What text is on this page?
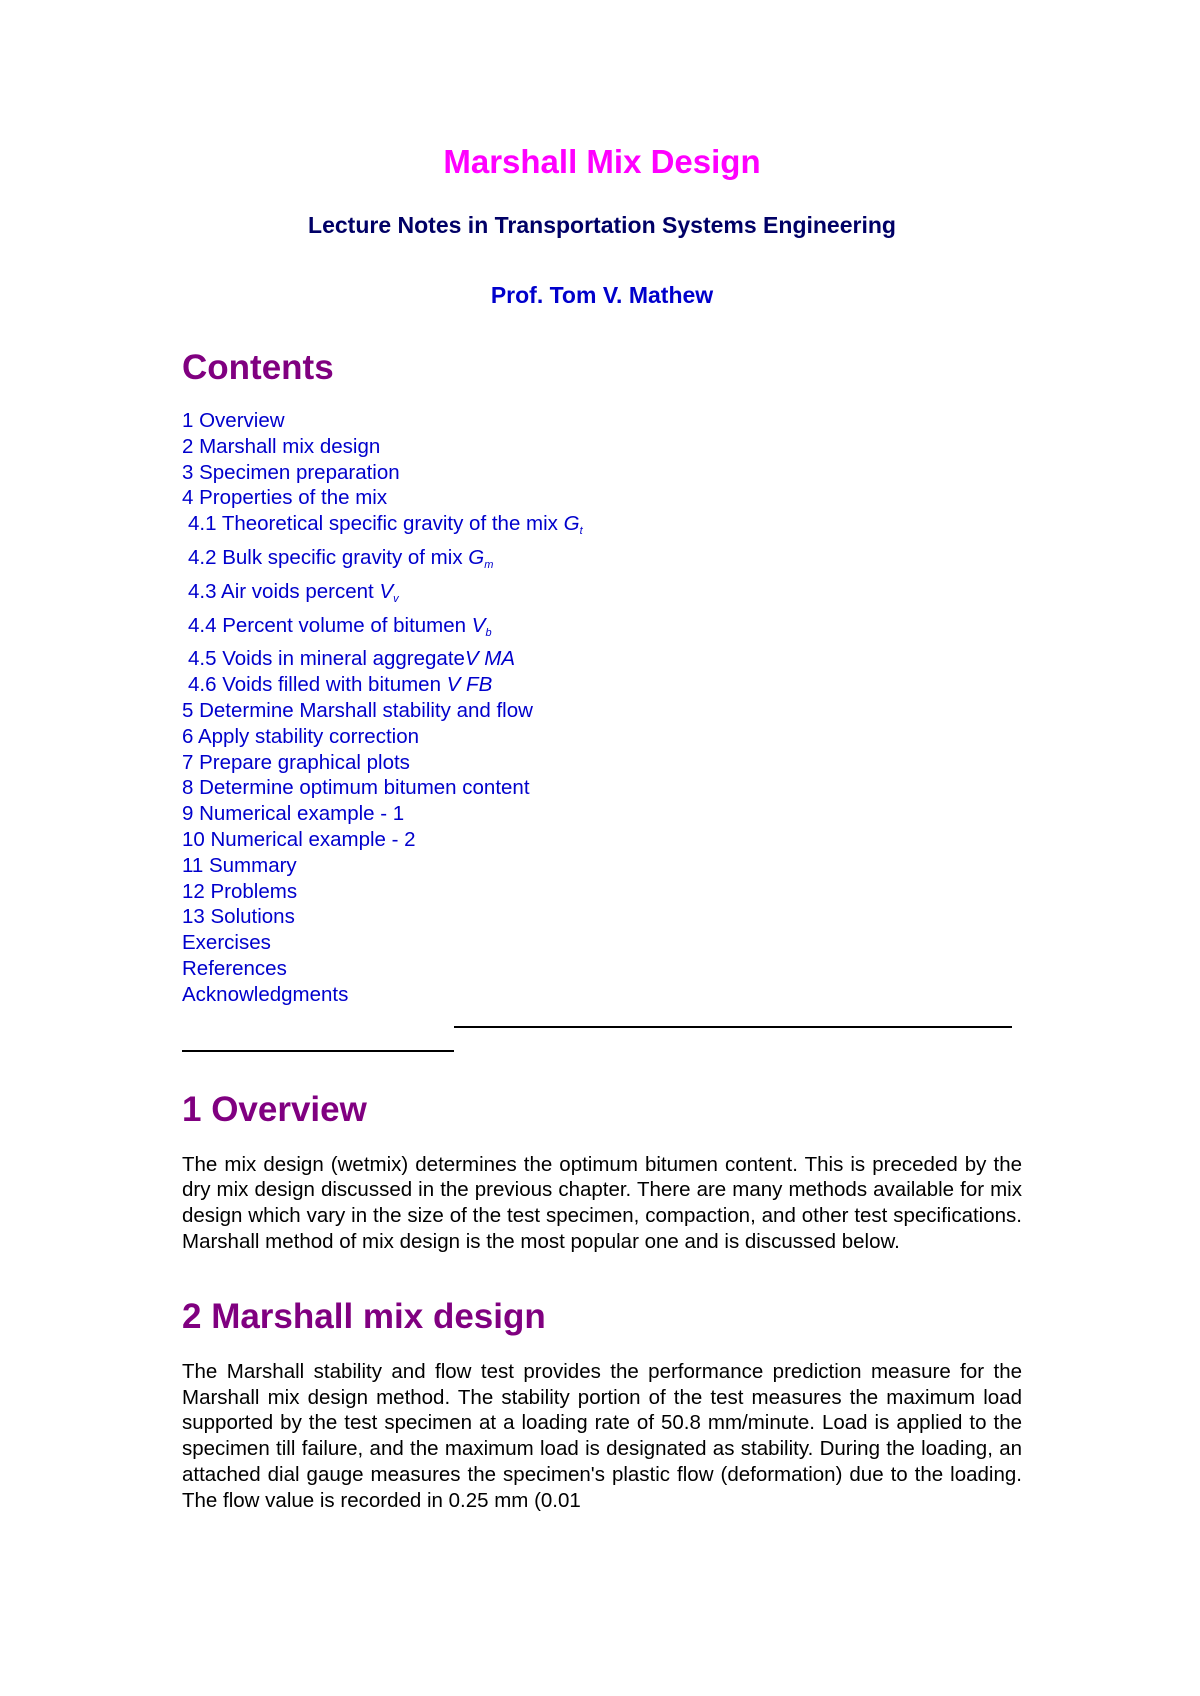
Marshall Mix Design
Lecture Notes in Transportation Systems Engineering
Prof. Tom V. Mathew
Contents
1 Overview
2 Marshall mix design
3 Specimen preparation
4 Properties of the mix
4.1 Theoretical specific gravity of the mix Gt
4.2 Bulk specific gravity of mix Gm
4.3 Air voids percent Vv
4.4 Percent volume of bitumen Vb
4.5 Voids in mineral aggregateV MA
4.6 Voids filled with bitumen V FB
5 Determine Marshall stability and flow
6 Apply stability correction
7 Prepare graphical plots
8 Determine optimum bitumen content
9 Numerical example - 1
10 Numerical example - 2
11 Summary
12 Problems
13 Solutions
Exercises
References
Acknowledgments
1 Overview

The mix design (wetmix) determines the optimum bitumen content. This is preceded by the dry mix design discussed in the previous chapter. There are many methods available for mix design which vary in the size of the test specimen, compaction, and other test specifications. Marshall method of mix design is the most popular one and is discussed below.

2 Marshall mix design

The Marshall stability and flow test provides the performance prediction measure for the Marshall mix design method. The stability portion of the test measures the maximum load supported by the test specimen at a loading rate of 50.8 mm/minute. Load is applied to the specimen till failure, and the maximum load is designated as stability. During the loading, an attached dial gauge measures the specimen's plastic flow (deformation) due to the loading. The flow value is recorded in 0.25 mm (0.01
